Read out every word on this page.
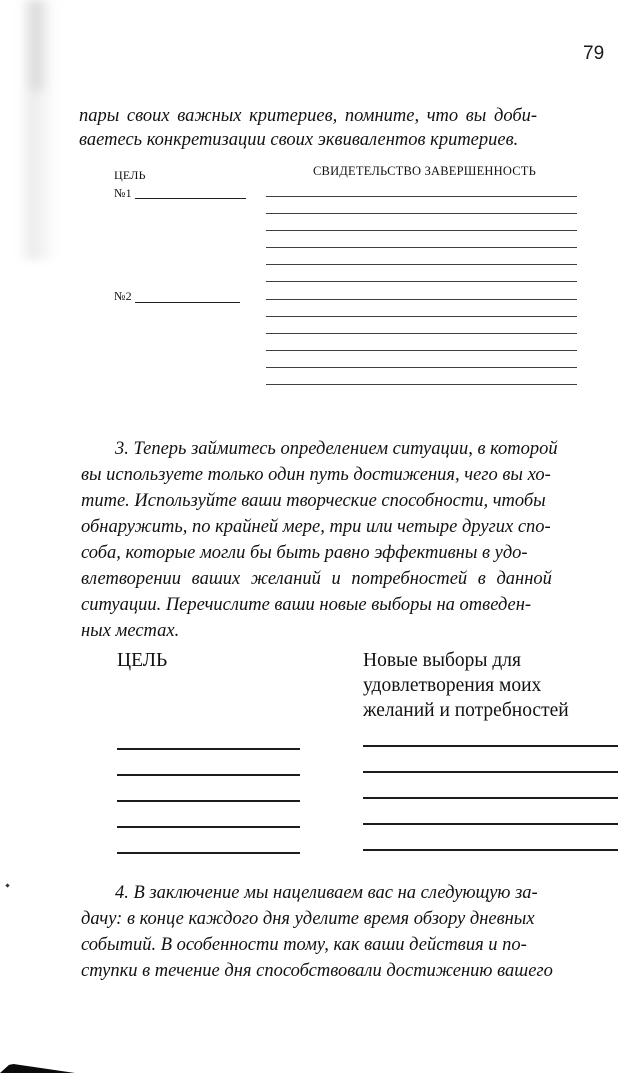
79
пары своих важных критериев, помните, что вы доби-
ваетесь конкретизации своих эквивалентов критериев.
ЦЕЛЬ	СВИДЕТЕЛЬСТВО ЗАВЕРШЕННОСТЬ
№1
№2
3. Теперь займитесь определением ситуации, в которой
вы используете только один путь достижения, чего вы хо-
тите. Используйте ваши творческие способности, чтобы
обнаружить, по крайней мере, три или четыре других спо-
соба, которые могли бы быть равно эффективны в удо-
влетворении ваших желаний и потребностей в данной
ситуации. Перечислите ваши новые выборы на отведен-
ных местах.
ЦЕЛЬ	Новые выборы для
удовлетворения моих
желаний и потребностей
4. В заключение мы нацеливаем вас на следующую за-
дачу: в конце каждого дня уделите время обзору дневных
событий. В особенности тому, как ваши действия и по-
ступки в течение дня способствовали достижению вашего
